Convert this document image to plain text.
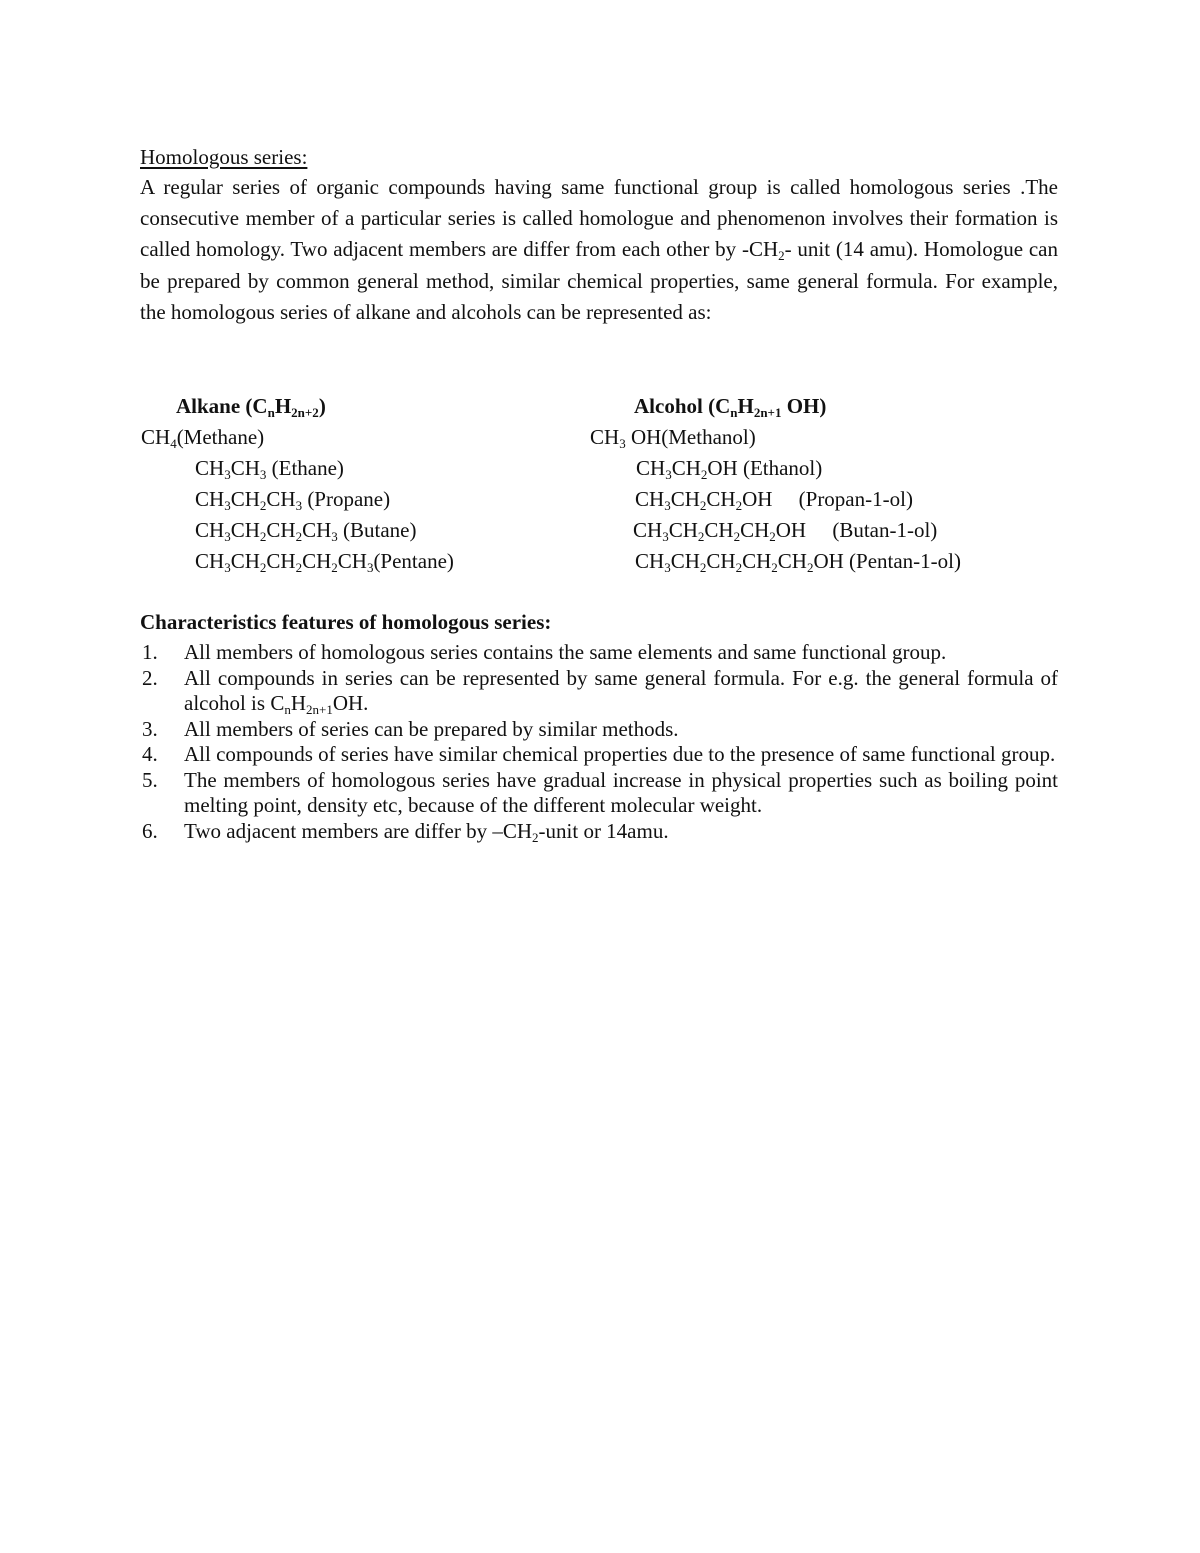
Homologous series:
A regular series of organic compounds having same functional group is called homologous series .The consecutive member of a particular series is called homologue and phenomenon involves their formation is called homology. Two adjacent members are differ from each other by $-CH_2-$ unit (14 amu). Homologue can be prepared by common general method, similar chemical properties, same general formula. For example, the homologous series of alkane and alcohols can be represented as:
Alkane $(C_nH_{2n+2})$	Alcohol ($C_nH_{2n+1}$ OH)
$CH_4(Methane)$
$CH_3CH_3$ (Ethane)
$CH_3CH_2CH_3$ (Propane)
$CH_3CH_2CH_2CH_3$ (Butane)
$CH_3CH_2CH_2CH_2CH_3(Pentane)$
$CH_3$ OH(Methanol)
$CH_3CH_2OH$ (Ethanol)
$CH_3CH_2CH_2OH$     (Propan-1-ol)
$CH_3CH_2CH_2CH_2OH$     (Butan-1-ol)
$CH_3CH_2CH_2CH_2CH_2OH$ (Pentan-1-ol)
Characteristics features of homologous series:
1. All members of homologous series contains the same elements and same functional group.
2. All compounds in series can be represented by same general formula. For e.g. the general formula of alcohol is $C_nH_{2n+1}OH$.
3. All members of series can be prepared by similar methods.
4. All compounds of series have similar chemical properties due to the presence of same functional group.
5. The members of homologous series have gradual increase in physical properties such as boiling point melting point, density etc, because of the different molecular weight.
6. Two adjacent members are differ by $-CH_2$-unit or 14amu.
